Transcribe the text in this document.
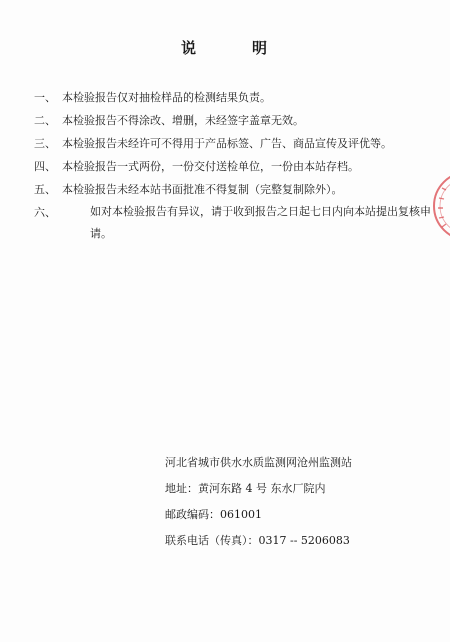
说	明
一、 本检验报告仅对抽检样品的检测结果负责。
二、 本检验报告不得涂改、增删，未经签字盖章无效。
三、 本检验报告未经许可不得用于产品标签、广告、商品宣传及评优等。
四、 本检验报告一式两份，一份交付送检单位，一份由本站存档。
五、 本检验报告未经本站书面批准不得复制（完整复制除外）。
六、	如对本检验报告有异议，请于收到报告之日起七日内向本站提出复核申请。
河北省城市供水水质监测网沧州监测站
地址：黄河东路 4 号 东水厂院内
邮政编码：061001
联系电话（传真）：0317 -- 5206083
